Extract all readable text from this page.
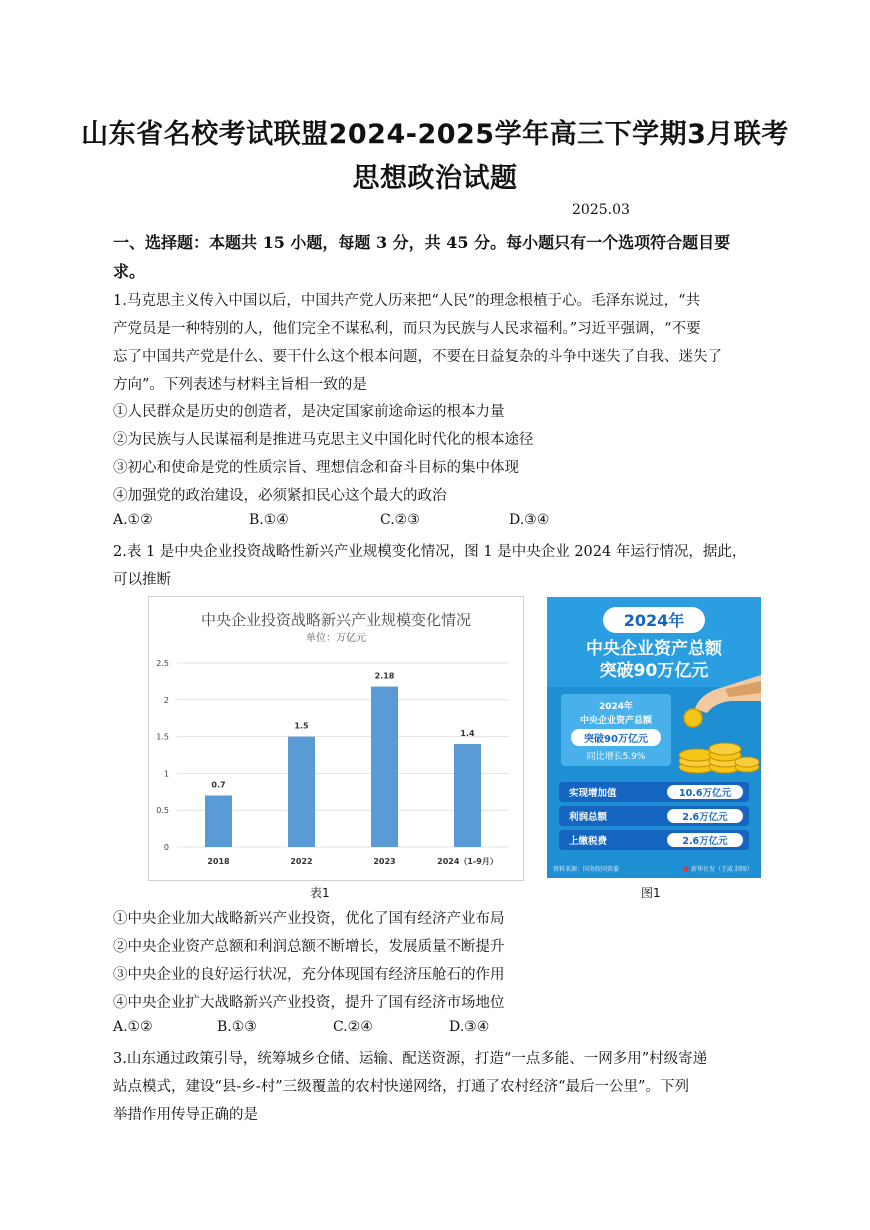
山东省名校考试联盟2024-2025学年高三下学期3月联考
思想政治试题
2025.03
一、选择题：本题共 15 小题，每题 3 分，共 45 分。每小题只有一个选项符合题目要
求。
1.马克思主义传入中国以后，中国共产党人历来把“人民”的理念根植于心。毛泽东说过，“共
产党员是一种特别的人，他们完全不谋私利，而只为民族与人民求福利。”习近平强调，“不要
忘了中国共产党是什么、要干什么这个根本问题，不要在日益复杂的斗争中迷失了自我、迷失了
方向”。下列表述与材料主旨相一致的是
①人民群众是历史的创造者，是决定国家前途命运的根本力量
②为民族与人民谋福利是推进马克思主义中国化时代化的根本途径
③初心和使命是党的性质宗旨、理想信念和奋斗目标的集中体现
④加强党的政治建设，必须紧扣民心这个最大的政治
A.①②	B.①④	C.②③	D.③④
2.表 1 是中央企业投资战略性新兴产业规模变化情况，图 1 是中央企业 2024 年运行情况，据此，
可以推断
中央企业投资战略新兴产业规模变化情况
单位：万亿元
0
0.5
1
1.5
2
2.5
0.7
1.5
2.18
1.4
2018	2022	2023	2024（1-9月）
表1
2024年
中央企业资产总额
突破90万亿元
2024年
中央企业资产总额
突破90万亿元
同比增长5.9%
实现增加值	10.6万亿元
利润总额	2.6万亿元
上缴税费	2.6万亿元
资料来源：国务院国资委	新华社发（王威 制图）
图1
①中央企业加大战略新兴产业投资，优化了国有经济产业布局
②中央企业资产总额和利润总额不断增长，发展质量不断提升
③中央企业的良好运行状况，充分体现国有经济压舱石的作用
④中央企业扩大战略新兴产业投资，提升了国有经济市场地位
A.①②	B.①③	C.②④	D.③④
3.山东通过政策引导，统筹城乡仓储、运输、配送资源，打造“一点多能、一网多用”村级寄递
站点模式，建设“县-乡-村”三级覆盖的农村快递网络，打通了农村经济“最后一公里”。下列
举措作用传导正确的是
